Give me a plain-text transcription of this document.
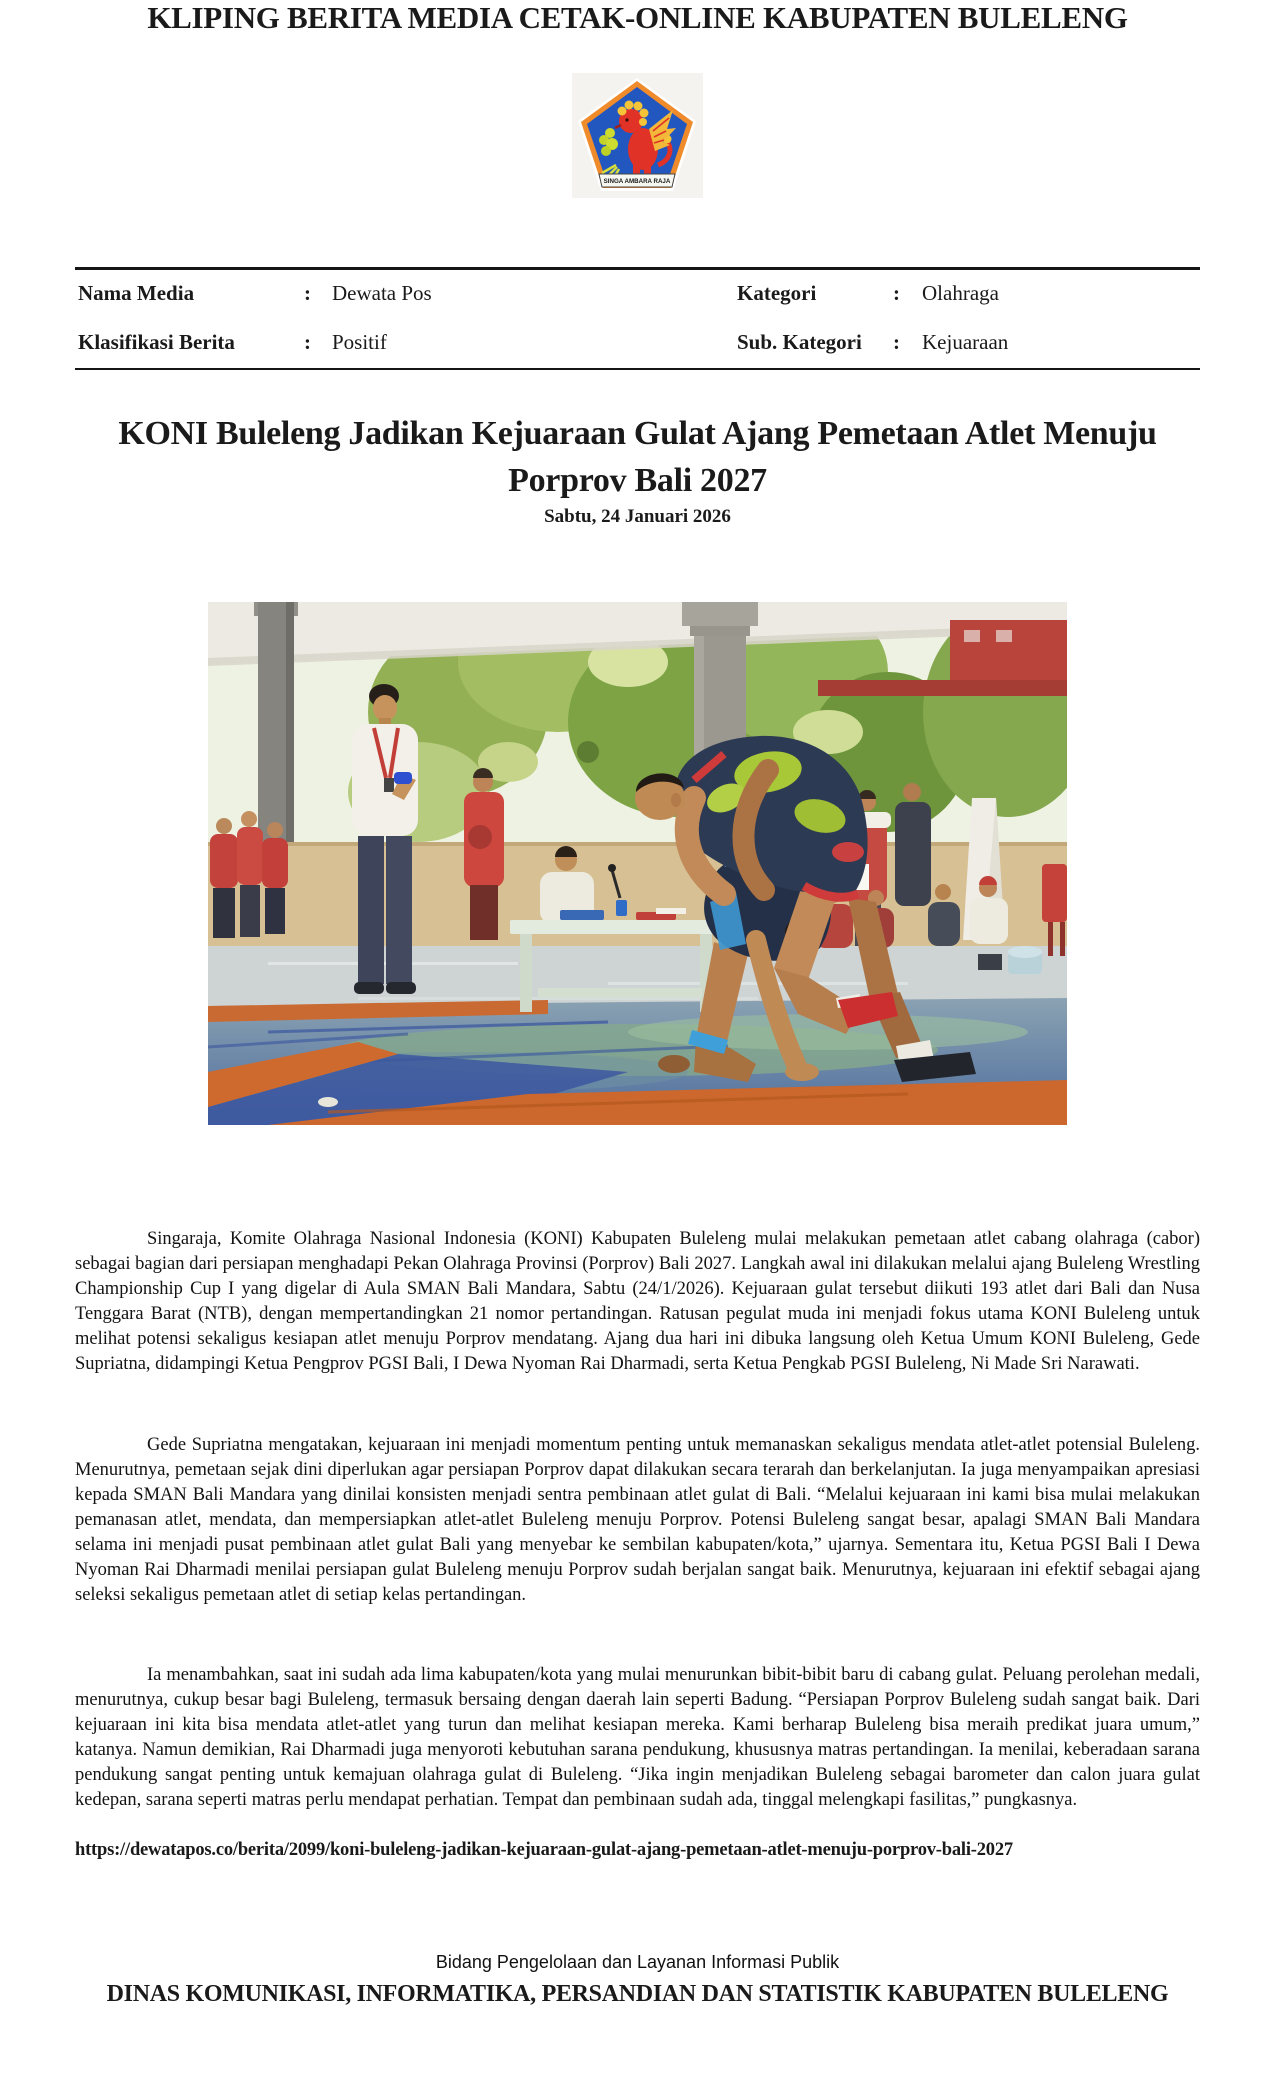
SINGA AMBARA RAJA
KLIPING BERITA MEDIA CETAK-ONLINE KABUPATEN BULELENG
Nama Media	: Dewata Pos	Kategori	: Olahraga
Klasifikasi Berita	: Positif	Sub. Kategori : Kejuaraan
KONI Buleleng Jadikan Kejuaraan Gulat Ajang Pemetaan Atlet Menuju
Porprov Bali 2027
Sabtu, 24 Januari 2026

Singaraja, Komite Olahraga Nasional Indonesia (KONI) Kabupaten Buleleng mulai melakukan pemetaan atlet cabang olahraga (cabor) sebagai bagian dari persiapan menghadapi Pekan Olahraga Provinsi (Porprov) Bali 2027. Langkah awal ini dilakukan melalui ajang Buleleng Wrestling Championship Cup I yang digelar di Aula SMAN Bali Mandara, Sabtu (24/1/2026). Kejuaraan gulat tersebut diikuti 193 atlet dari Bali dan Nusa Tenggara Barat (NTB), dengan mempertandingkan 21 nomor pertandingan. Ratusan pegulat muda ini menjadi fokus utama KONI Buleleng untuk melihat potensi sekaligus kesiapan atlet menuju Porprov mendatang. Ajang dua hari ini dibuka langsung oleh Ketua Umum KONI Buleleng, Gede Supriatna, didampingi Ketua Pengprov PGSI Bali, I Dewa Nyoman Rai Dharmadi, serta Ketua Pengkab PGSI Buleleng, Ni Made Sri Narawati.

Gede Supriatna mengatakan, kejuaraan ini menjadi momentum penting untuk memanaskan sekaligus mendata atlet-atlet potensial Buleleng. Menurutnya, pemetaan sejak dini diperlukan agar persiapan Porprov dapat dilakukan secara terarah dan berkelanjutan. Ia juga menyampaikan apresiasi kepada SMAN Bali Mandara yang dinilai konsisten menjadi sentra pembinaan atlet gulat di Bali. “Melalui kejuaraan ini kami bisa mulai melakukan pemanasan atlet, mendata, dan mempersiapkan atlet-atlet Buleleng menuju Porprov. Potensi Buleleng sangat besar, apalagi SMAN Bali Mandara selama ini menjadi pusat pembinaan atlet gulat Bali yang menyebar ke sembilan kabupaten/kota,” ujarnya. Sementara itu, Ketua PGSI Bali I Dewa Nyoman Rai Dharmadi menilai persiapan gulat Buleleng menuju Porprov sudah berjalan sangat baik. Menurutnya, kejuaraan ini efektif sebagai ajang seleksi sekaligus pemetaan atlet di setiap kelas pertandingan.

Ia menambahkan, saat ini sudah ada lima kabupaten/kota yang mulai menurunkan bibit-bibit baru di cabang gulat. Peluang perolehan medali, menurutnya, cukup besar bagi Buleleng, termasuk bersaing dengan daerah lain seperti Badung. “Persiapan Porprov Buleleng sudah sangat baik. Dari kejuaraan ini kita bisa mendata atlet-atlet yang turun dan melihat kesiapan mereka. Kami berharap Buleleng bisa meraih predikat juara umum,” katanya. Namun demikian, Rai Dharmadi juga menyoroti kebutuhan sarana pendukung, khususnya matras pertandingan. Ia menilai, keberadaan sarana pendukung sangat penting untuk kemajuan olahraga gulat di Buleleng. “Jika ingin menjadikan Buleleng sebagai barometer dan calon juara gulat kedepan, sarana seperti matras perlu mendapat perhatian. Tempat dan pembinaan sudah ada, tinggal melengkapi fasilitas,” pungkasnya.

https://dewatapos.co/berita/2099/koni-buleleng-jadikan-kejuaraan-gulat-ajang-pemetaan-atlet-menuju-porprov-bali-2027
Bidang Pengelolaan dan Layanan Informasi Publik
DINAS KOMUNIKASI, INFORMATIKA, PERSANDIAN DAN STATISTIK KABUPATEN BULELENG
